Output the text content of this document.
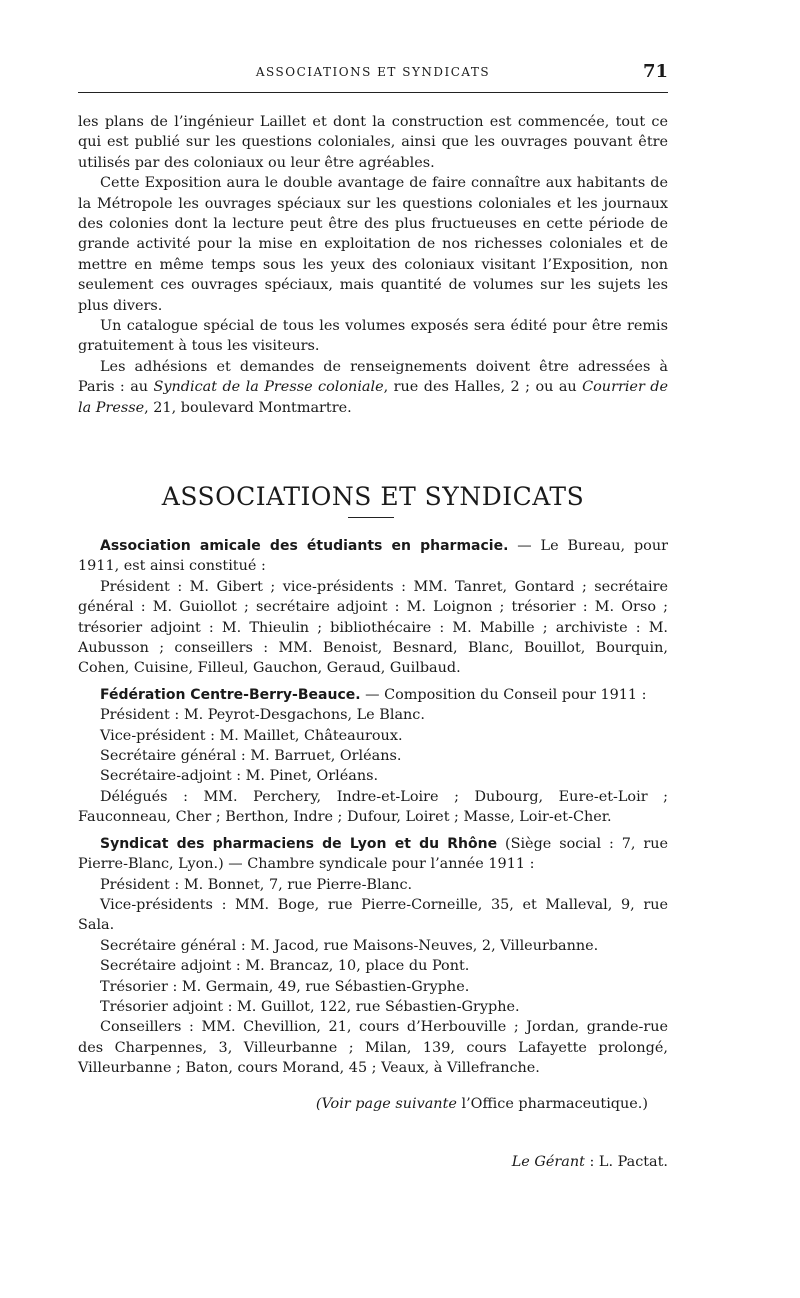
ASSOCIATIONS ET SYNDICATS	71

les plans de l’ingénieur Laillet et dont la construction est commencée, tout ce qui est publié sur les questions coloniales, ainsi que les ouvrages pouvant être utilisés par des coloniaux ou leur être agréables.

Cette Exposition aura le double avantage de faire connaître aux habitants de la Métropole les ouvrages spéciaux sur les questions coloniales et les journaux des colonies dont la lecture peut être des plus fructueuses en cette période de grande activité pour la mise en exploitation de nos richesses coloniales et de mettre en même temps sous les yeux des coloniaux visitant l’Exposition, non seulement ces ouvrages spéciaux, mais quantité de volumes sur les sujets les plus divers.

Un catalogue spécial de tous les volumes exposés sera édité pour être remis gratuitement à tous les visiteurs.

Les adhésions et demandes de renseignements doivent être adressées à Paris : au Syndicat de la Presse coloniale, rue des Halles, 2 ; ou au Courrier de la Presse, 21, boulevard Montmartre.

ASSOCIATIONS ET SYNDICATS

Association amicale des étudiants en pharmacie. — Le Bureau, pour 1911, est ainsi constitué :

Président : M. Gibert ; vice-présidents : MM. Tanret, Gontard ; secrétaire général : M. Guiollot ; secrétaire adjoint : M. Loignon ; trésorier : M. Orso ; trésorier adjoint : M. Thieulin ; bibliothécaire : M. Mabille ; archiviste : M. Aubusson ; conseillers : MM. Benoist, Besnard, Blanc, Bouillot, Bourquin, Cohen, Cuisine, Filleul, Gauchon, Geraud, Guilbaud.

Fédération Centre-Berry-Beauce. — Composition du Conseil pour 1911 :

Président : M. Peyrot-Desgachons, Le Blanc.

Vice-président : M. Maillet, Châteauroux.

Secrétaire général : M. Barruet, Orléans.

Secrétaire-adjoint : M. Pinet, Orléans.

Délégués : MM. Perchery, Indre-et-Loire ; Dubourg, Eure-et-Loir ; Fauconneau, Cher ; Berthon, Indre ; Dufour, Loiret ; Masse, Loir-et-Cher.

Syndicat des pharmaciens de Lyon et du Rhône (Siège social : 7, rue Pierre-Blanc, Lyon.) — Chambre syndicale pour l’année 1911 :

Président : M. Bonnet, 7, rue Pierre-Blanc.

Vice-présidents : MM. Boge, rue Pierre-Corneille, 35, et Malleval, 9, rue Sala.

Secrétaire général : M. Jacod, rue Maisons-Neuves, 2, Villeurbanne.

Secrétaire adjoint : M. Brancaz, 10, place du Pont.

Trésorier : M. Germain, 49, rue Sébastien-Gryphe.

Trésorier adjoint : M. Guillot, 122, rue Sébastien-Gryphe.

Conseillers : MM. Chevillion, 21, cours d’Herbouville ; Jordan, grande-rue des Charpennes, 3, Villeurbanne ; Milan, 139, cours Lafayette prolongé, Villeurbanne ; Baton, cours Morand, 45 ; Veaux, à Villefranche.

(Voir page suivante l’Office pharmaceutique.)
Le Gérant : L. Pactat.
